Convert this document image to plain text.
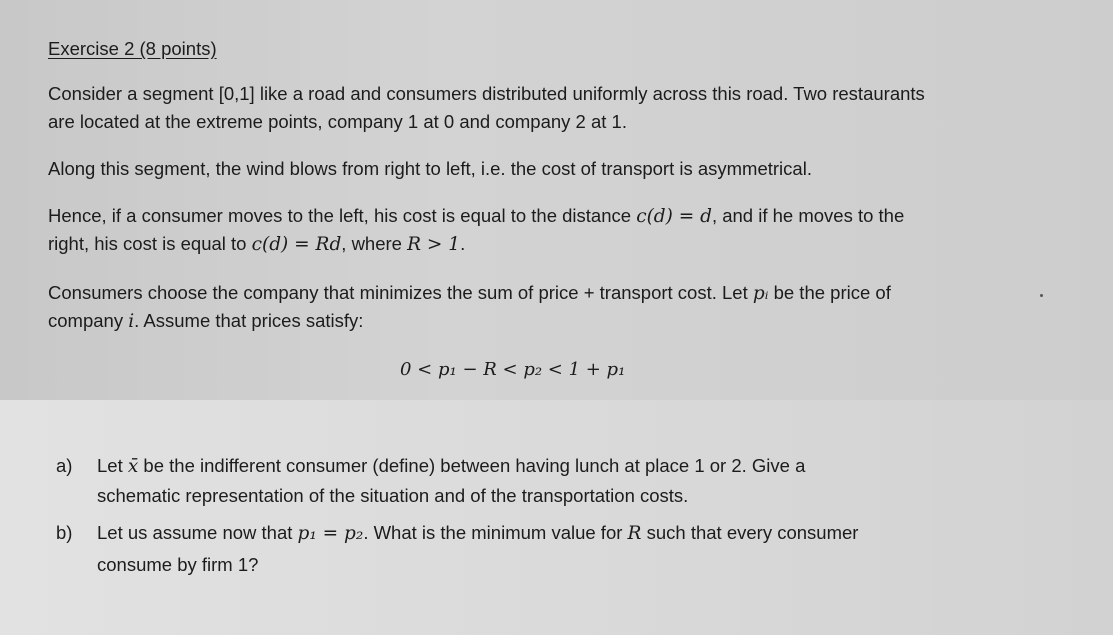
Exercise 2 (8 points)
Consider a segment [0,1] like a road and consumers distributed uniformly across this road. Two restaurants
are located at the extreme points, company 1 at 0 and company 2 at 1.
Along this segment, the wind blows from right to left, i.e. the cost of transport is asymmetrical.
Hence, if a consumer moves to the left, his cost is equal to the distance c(d) = d, and if he moves to the
right, his cost is equal to c(d) = Rd, where R > 1.
Consumers choose the company that minimizes the sum of price + transport cost. Let pᵢ be the price of
company i. Assume that prices satisfy:
0 < p₁ − R < p₂ < 1 + p₁
a) Let x̄ be the indifferent consumer (define) between having lunch at place 1 or 2. Give a
schematic representation of the situation and of the transportation costs.
b) Let us assume now that p₁ = p₂. What is the minimum value for R such that every consumer
consume by firm 1?
